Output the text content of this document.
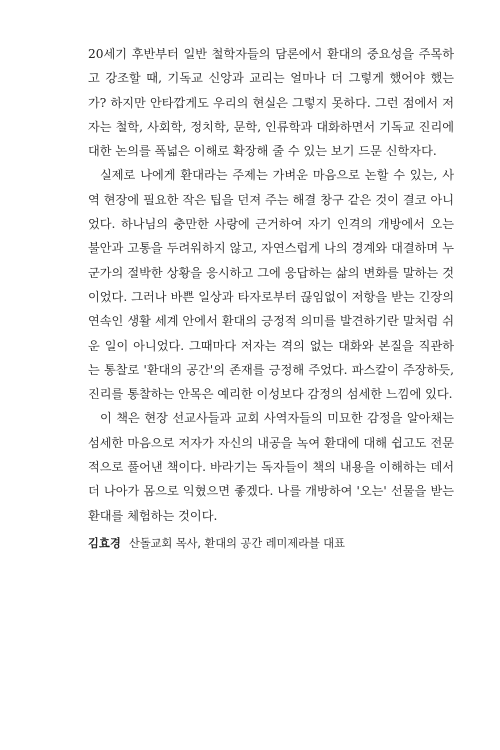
20세기 후반부터 일반 철학자들의 담론에서 환대의 중요성을 주목하고 강조할 때, 기독교 신앙과 교리는 얼마나 더 그렇게 했어야 했는가? 하지만 안타깝게도 우리의 현실은 그렇지 못하다. 그런 점에서 저자는 철학, 사회학, 정치학, 문학, 인류학과 대화하면서 기독교 진리에 대한 논의를 폭넓은 이해로 확장해 줄 수 있는 보기 드문 신학자다.

실제로 나에게 환대라는 주제는 가벼운 마음으로 논할 수 있는, 사역 현장에 필요한 작은 팁을 던져 주는 해결 창구 같은 것이 결코 아니었다. 하나님의 충만한 사랑에 근거하여 자기 인격의 개방에서 오는 불안과 고통을 두려워하지 않고, 자연스럽게 나의 경계와 대결하며 누군가의 절박한 상황을 응시하고 그에 응답하는 삶의 변화를 말하는 것이었다. 그러나 바쁜 일상과 타자로부터 끊임없이 저항을 받는 긴장의 연속인 생활 세계 안에서 환대의 긍정적 의미를 발견하기란 말처럼 쉬운 일이 아니었다. 그때마다 저자는 격의 없는 대화와 본질을 직관하는 통찰로 '환대의 공간'의 존재를 긍정해 주었다. 파스칼이 주장하듯, 진리를 통찰하는 안목은 예리한 이성보다 감정의 섬세한 느낌에 있다.

이 책은 현장 선교사들과 교회 사역자들의 미묘한 감정을 알아채는 섬세한 마음으로 저자가 자신의 내공을 녹여 환대에 대해 쉽고도 전문적으로 풀어낸 책이다. 바라기는 독자들이 책의 내용을 이해하는 데서 더 나아가 몸으로 익혔으면 좋겠다. 나를 개방하여 '오는' 선물을 받는 환대를 체험하는 것이다.

김효경 산돌교회 목사, 환대의 공간 레미제라블 대표
